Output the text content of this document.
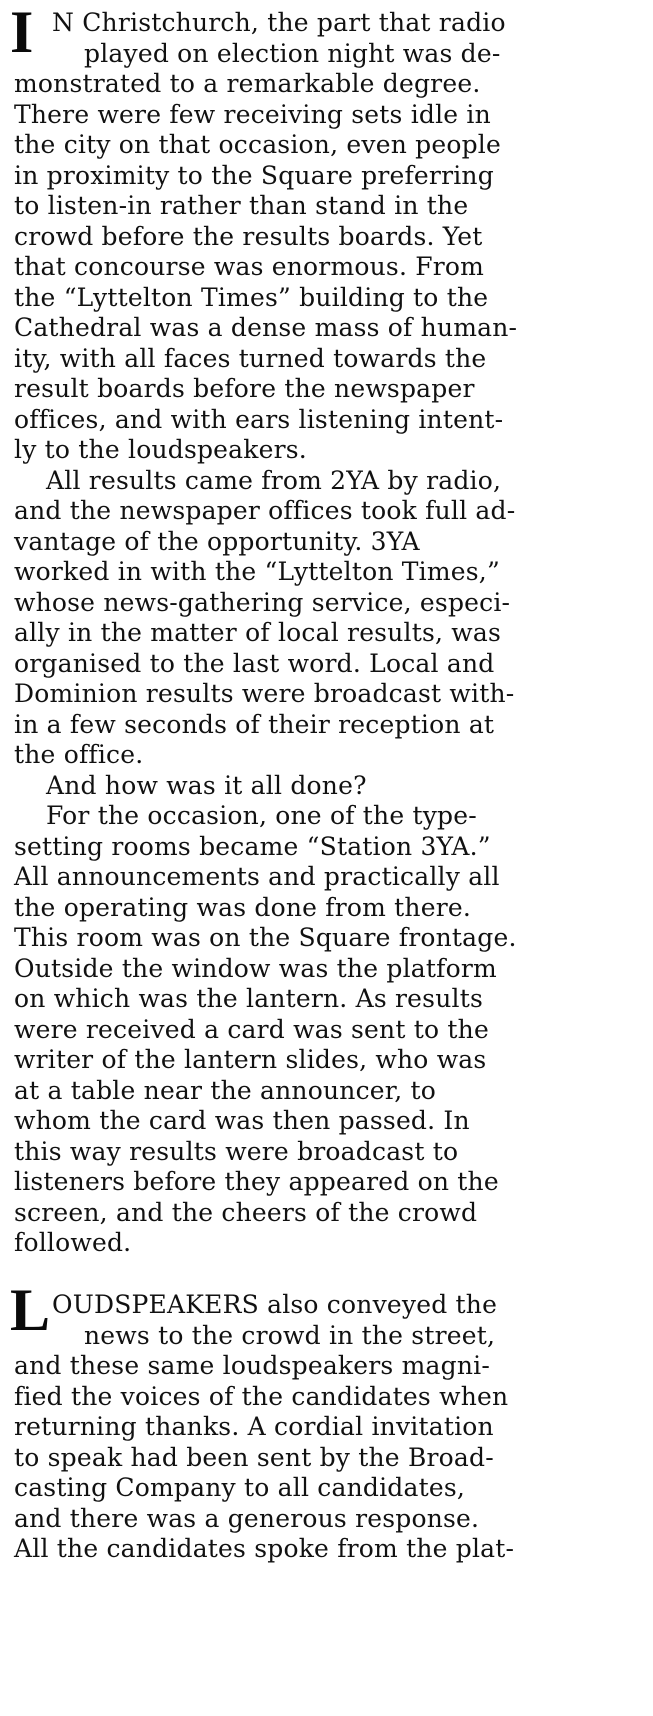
I N Christchurch, the part that radio
played on election night was de-
monstrated to a remarkable degree.
There were few receiving sets idle in
the city on that occasion, even people
in proximity to the Square preferring
to listen-in rather than stand in the
crowd before the results boards. Yet
that concourse was enormous. From
the “Lyttelton Times” building to the
Cathedral was a dense mass of human-
ity, with all faces turned towards the
result boards before the newspaper
offices, and with ears listening intent-
ly to the loudspeakers.
All results came from 2YA by radio,
and the newspaper offices took full ad-
vantage of the opportunity. 3YA
worked in with the “Lyttelton Times,”
whose news-gathering service, especi-
ally in the matter of local results, was
organised to the last word. Local and
Dominion results were broadcast with-
in a few seconds of their reception at
the office.
And how was it all done?
For the occasion, one of the type-
setting rooms became “Station 3YA.”
All announcements and practically all
the operating was done from there.
This room was on the Square frontage.
Outside the window was the platform
on which was the lantern. As results
were received a card was sent to the
writer of the lantern slides, who was
at a table near the announcer, to
whom the card was then passed. In
this way results were broadcast to
listeners before they appeared on the
screen, and the cheers of the crowd
followed.
L OUDSPEAKERS also conveyed the
news to the crowd in the street,
and these same loudspeakers magni-
fied the voices of the candidates when
returning thanks. A cordial invitation
to speak had been sent by the Broad-
casting Company to all candidates,
and there was a generous response.
All the candidates spoke from the plat-
